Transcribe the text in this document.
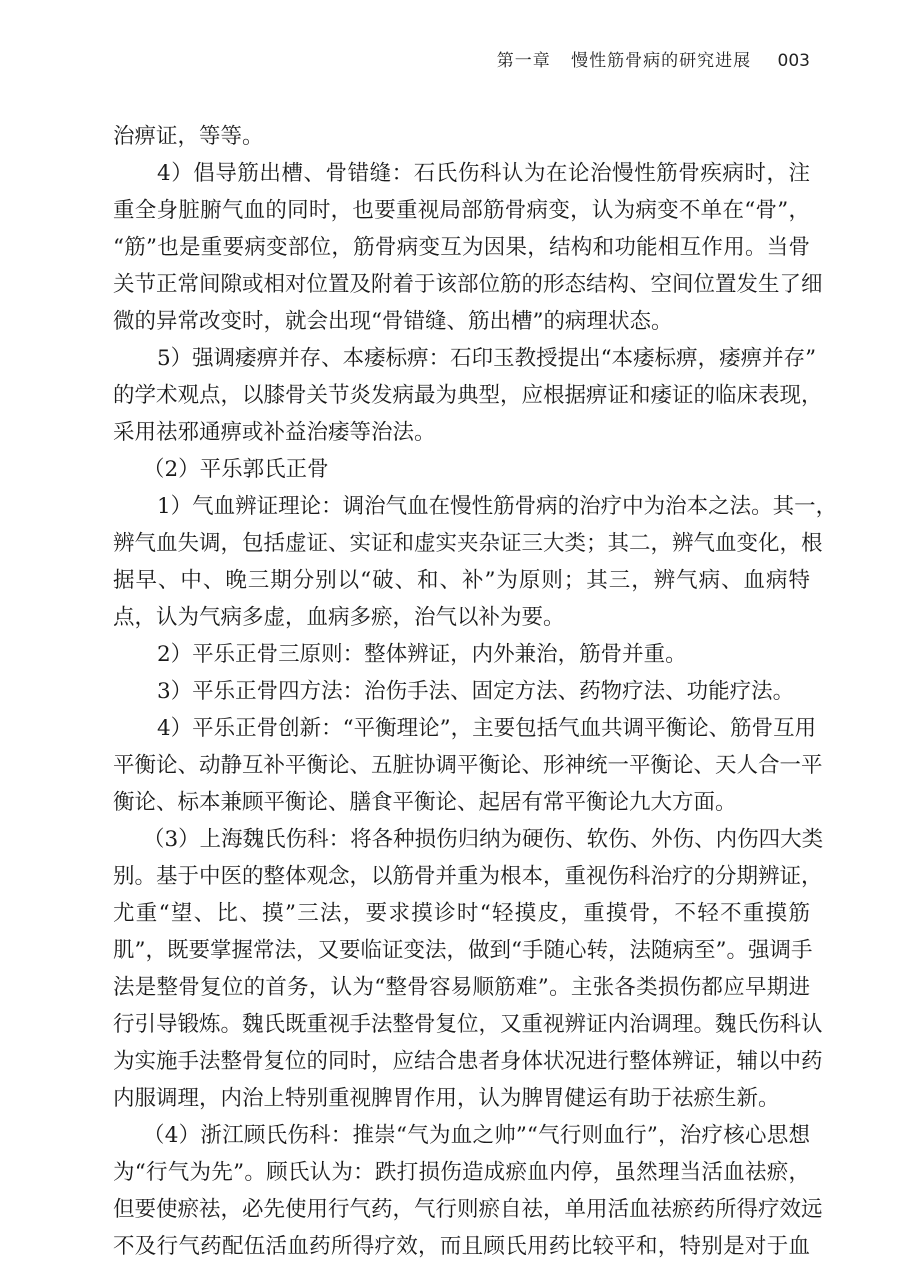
第一章 慢性筋骨病的研究进展 003
治痹证，等等。
4）倡导筋出槽、骨错缝：石氏伤科认为在论治慢性筋骨疾病时，注
重全身脏腑气血的同时，也要重视局部筋骨病变，认为病变不单在“骨”，
“筋”也是重要病变部位，筋骨病变互为因果，结构和功能相互作用。当骨
关节正常间隙或相对位置及附着于该部位筋的形态结构、空间位置发生了细
微的异常改变时，就会出现“骨错缝、筋出槽”的病理状态。
5）强调痿痹并存、本痿标痹：石印玉教授提出“本痿标痹，痿痹并存”
的学术观点，以膝骨关节炎发病最为典型，应根据痹证和痿证的临床表现，
采用祛邪通痹或补益治痿等治法。
（2）平乐郭氏正骨
1）气血辨证理论：调治气血在慢性筋骨病的治疗中为治本之法。其一，
辨气血失调，包括虚证、实证和虚实夹杂证三大类；其二，辨气血变化，根
据早、中、晚三期分别以“破、和、补”为原则；其三，辨气病、血病特
点，认为气病多虚，血病多瘀，治气以补为要。
2）平乐正骨三原则：整体辨证，内外兼治，筋骨并重。
3）平乐正骨四方法：治伤手法、固定方法、药物疗法、功能疗法。
4）平乐正骨创新：“平衡理论”，主要包括气血共调平衡论、筋骨互用
平衡论、动静互补平衡论、五脏协调平衡论、形神统一平衡论、天人合一平
衡论、标本兼顾平衡论、膳食平衡论、起居有常平衡论九大方面。
（3）上海魏氏伤科：将各种损伤归纳为硬伤、软伤、外伤、内伤四大类
别。基于中医的整体观念，以筋骨并重为根本，重视伤科治疗的分期辨证，
尤重“望、比、摸”三法，要求摸诊时“轻摸皮，重摸骨，不轻不重摸筋
肌”，既要掌握常法，又要临证变法，做到“手随心转，法随病至”。强调手
法是整骨复位的首务，认为“整骨容易顺筋难”。主张各类损伤都应早期进
行引导锻炼。魏氏既重视手法整骨复位，又重视辨证内治调理。魏氏伤科认
为实施手法整骨复位的同时，应结合患者身体状况进行整体辨证，辅以中药
内服调理，内治上特别重视脾胃作用，认为脾胃健运有助于祛瘀生新。
（4）浙江顾氏伤科：推崇“气为血之帅”“气行则血行”，治疗核心思想
为“行气为先”。顾氏认为：跌打损伤造成瘀血内停，虽然理当活血祛瘀，
但要使瘀祛，必先使用行气药，气行则瘀自祛，单用活血祛瘀药所得疗效远
不及行气药配伍活血药所得疗效，而且顾氏用药比较平和，特别是对于血
